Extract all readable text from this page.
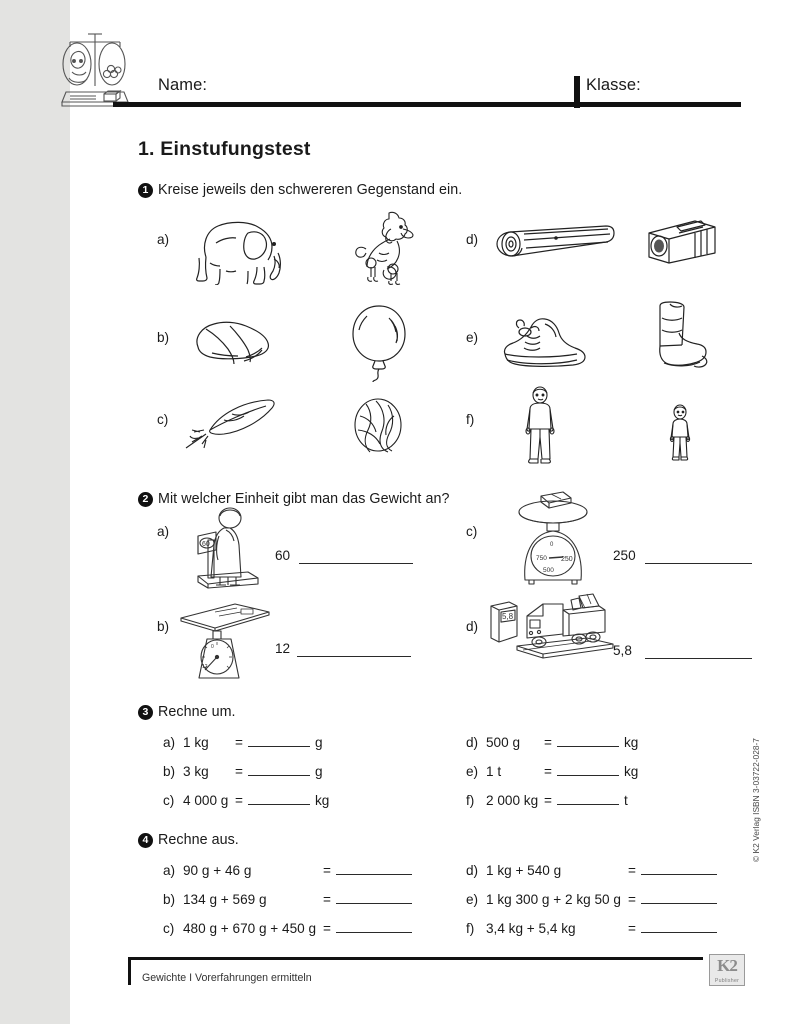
Name:	Klasse:
1. Einstufungstest
1 Kreise jeweils den schwereren Gegenstand ein.
a)	d)
b)	e)
c)	f)
2 Mit welcher Einheit gibt man das Gewicht an?
a)
60
60
b)
0
12
12
c)
0
750 250
500
250
d)
5,8
5,8
3 Rechne um.
a) 1 kg =	g
b) 3 kg =	g
c) 4 000 g =	kg
d) 500 g =	kg
e) 1 t	=	kg
f) 2 000 kg =	t
4 Rechne aus.
a) 90 g + 46 g	=
b) 134 g + 569 g	=
c) 480 g + 670 g + 450 g =
d) 1 kg + 540 g	=
e) 1 kg 300 g + 2 kg 50 g =
f) 3,4 kg + 5,4 kg	=
Gewichte I Vorerfahrungen ermitteln
K2
Publisher
© K2 Verlag ISBN 3-03722-028-7
